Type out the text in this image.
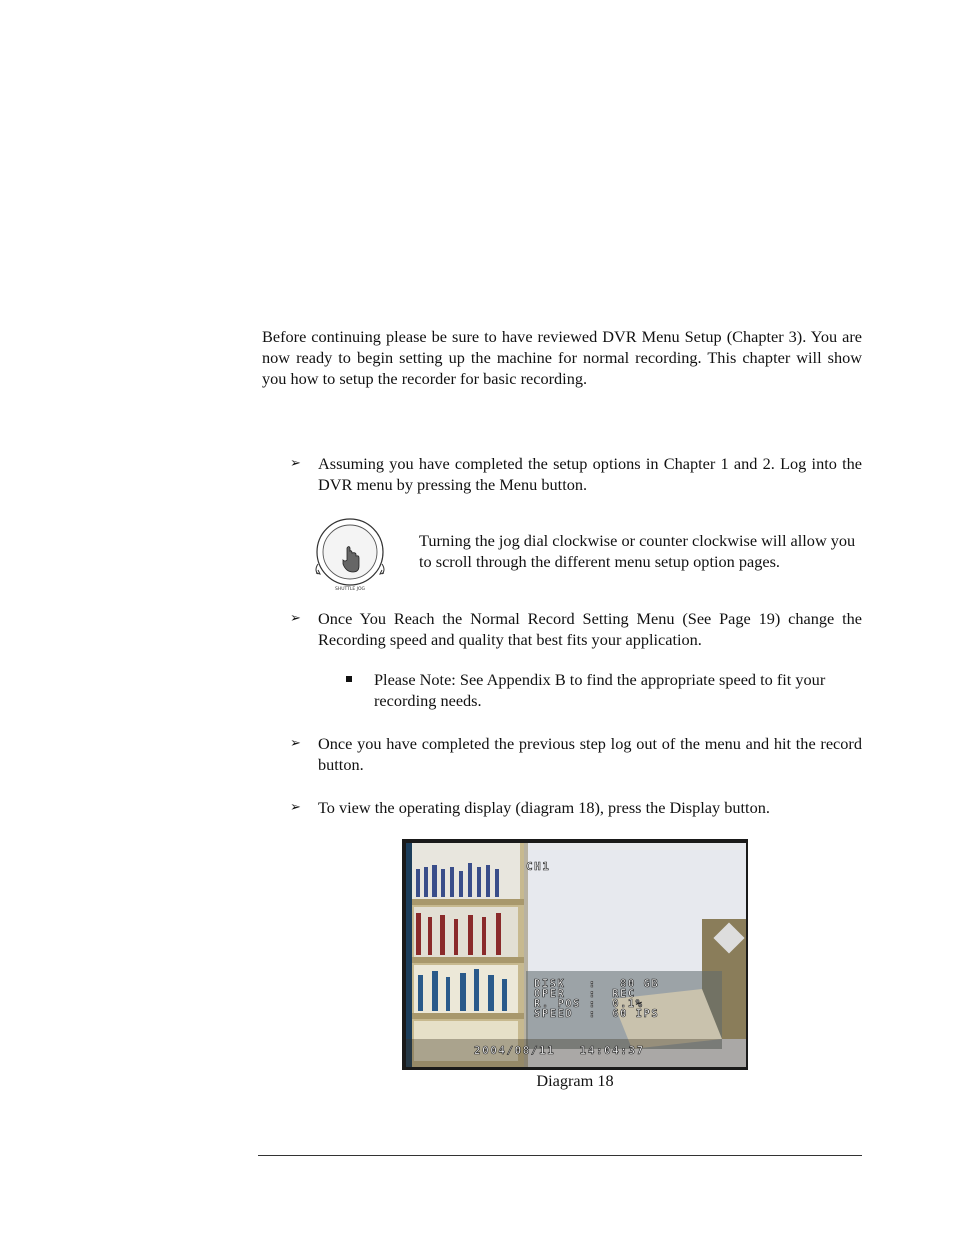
Before continuing please be sure to have reviewed DVR Menu Setup (Chapter 3). You are now ready to begin setting up the machine for normal recording. This chapter will show you how to setup the recorder for basic recording.

➢ Assuming you have completed the setup options in Chapter 1 and 2. Log into the DVR menu by pressing the Menu button.
SHUTTLE JOG
Turning the jog dial clockwise or counter clockwise will allow you to scroll through the different menu setup option pages.
➢ Once You Reach the Normal Record Setting Menu (See Page 19) change the Recording speed and quality that best fits your application.
Please Note: See Appendix B to find the appropriate speed to fit your recording needs.
➢ Once you have completed the previous step log out of the menu and hit the record button.
➢ To view the operating display (diagram 18), press the Display button.
CH1
DISK   :   80 GB
OPER   :  REC
R. POS :  0.1%
SPEED  :  60 IPS
2004/08/11   14:04:37
Diagram 18
